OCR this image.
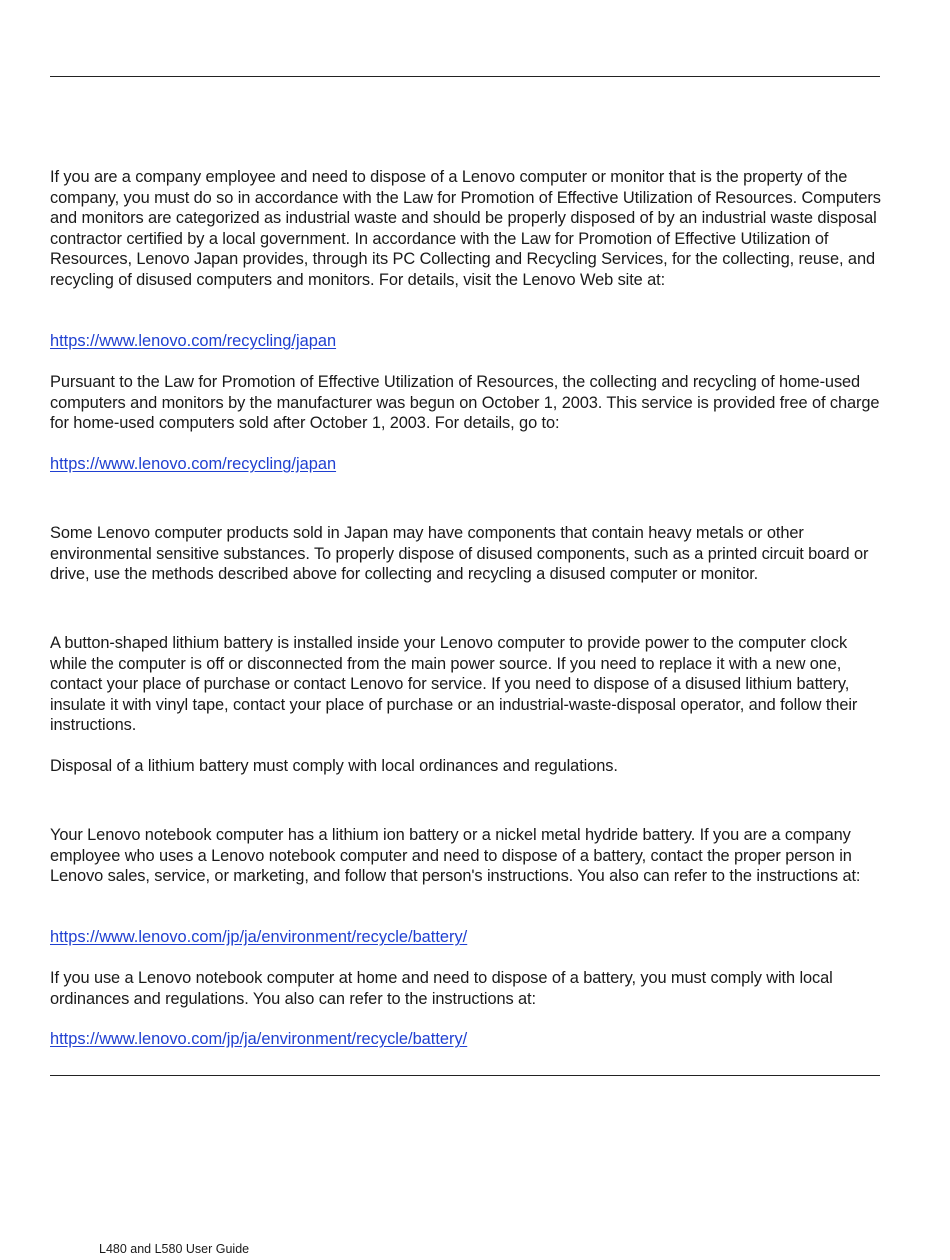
If you are a company employee and need to dispose of a Lenovo computer or monitor that is the property of the company, you must do so in accordance with the Law for Promotion of Effective Utilization of Resources. Computers and monitors are categorized as industrial waste and should be properly disposed of by an industrial waste disposal contractor certified by a local government. In accordance with the Law for Promotion of Effective Utilization of Resources, Lenovo Japan provides, through its PC Collecting and Recycling Services, for the collecting, reuse, and recycling of disused computers and monitors. For details, visit the Lenovo Web site at:

https://www.lenovo.com/recycling/japan

Pursuant to the Law for Promotion of Effective Utilization of Resources, the collecting and recycling of home-used computers and monitors by the manufacturer was begun on October 1, 2003. This service is provided free of charge for home-used computers sold after October 1, 2003. For details, go to:

https://www.lenovo.com/recycling/japan

Some Lenovo computer products sold in Japan may have components that contain heavy metals or other environmental sensitive substances. To properly dispose of disused components, such as a printed circuit board or drive, use the methods described above for collecting and recycling a disused computer or monitor.

A button-shaped lithium battery is installed inside your Lenovo computer to provide power to the computer clock while the computer is off or disconnected from the main power source. If you need to replace it with a new one, contact your place of purchase or contact Lenovo for service. If you need to dispose of a disused lithium battery, insulate it with vinyl tape, contact your place of purchase or an industrial-waste-disposal operator, and follow their instructions.

Disposal of a lithium battery must comply with local ordinances and regulations.

Your Lenovo notebook computer has a lithium ion battery or a nickel metal hydride battery. If you are a company employee who uses a Lenovo notebook computer and need to dispose of a battery, contact the proper person in Lenovo sales, service, or marketing, and follow that person's instructions. You also can refer to the instructions at:

https://www.lenovo.com/jp/ja/environment/recycle/battery/

If you use a Lenovo notebook computer at home and need to dispose of a battery, you must comply with local ordinances and regulations. You also can refer to the instructions at:

https://www.lenovo.com/jp/ja/environment/recycle/battery/
L480 and L580 User Guide
